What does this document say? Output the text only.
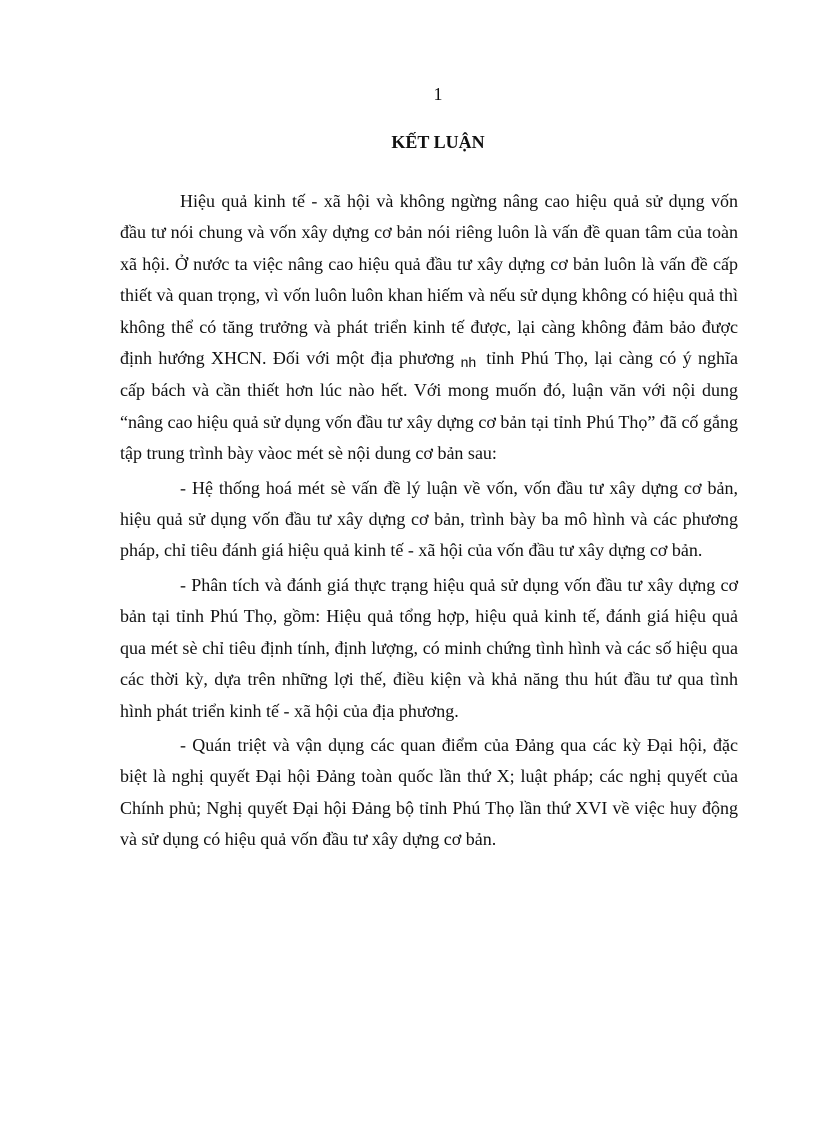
1
KẾT LUẬN

Hiệu quả kinh tế - xã hội và không ngừng nâng cao hiệu quả sử dụng vốn đầu tư nói chung và vốn xây dựng cơ bản nói riêng luôn là vấn đề quan tâm của toàn xã hội. Ở nước ta việc nâng cao hiệu quả đầu tư xây dựng cơ bản luôn là vấn đề cấp thiết và quan trọng, vì vốn luôn luôn khan hiếm và nếu sử dụng không có hiệu quả thì không thể có tăng trưởng và phát triển kinh tế được, lại càng không đảm bảo được định hướng XHCN. Đối với một địa phương nh tỉnh Phú Thọ, lại càng có ý nghĩa cấp bách và cần thiết hơn lúc nào hết. Với mong muốn đó, luận văn với nội dung “nâng cao hiệu quả sử dụng vốn đầu tư xây dựng cơ bản tại tỉnh Phú Thọ” đã cố gắng tập trung trình bày vàoc mét sè nội dung cơ bản sau:

- Hệ thống hoá mét sè vấn đề lý luận về vốn, vốn đầu tư xây dựng cơ bản, hiệu quả sử dụng vốn đầu tư xây dựng cơ bản, trình bày ba mô hình và các phương pháp, chỉ tiêu đánh giá hiệu quả kinh tế - xã hội của vốn đầu tư xây dựng cơ bản.

- Phân tích và đánh giá thực trạng hiệu quả sử dụng vốn đầu tư xây dựng cơ bản tại tỉnh Phú Thọ, gồm: Hiệu quả tổng hợp, hiệu quả kinh tế, đánh giá hiệu quả qua mét sè chỉ tiêu định tính, định lượng, có minh chứng tình hình và các số hiệu qua các thời kỳ, dựa trên những lợi thế, điều kiện và khả năng thu hút đầu tư qua tình hình phát triển kinh tế - xã hội của địa phương.

- Quán triệt và vận dụng các quan điểm của Đảng qua các kỳ Đại hội, đặc biệt là nghị quyết Đại hội Đảng toàn quốc lần thứ X; luật pháp; các nghị quyết của Chính phủ; Nghị quyết Đại hội Đảng bộ tỉnh Phú Thọ lần thứ XVI về việc huy động và sử dụng có hiệu quả vốn đầu tư xây dựng cơ bản.
